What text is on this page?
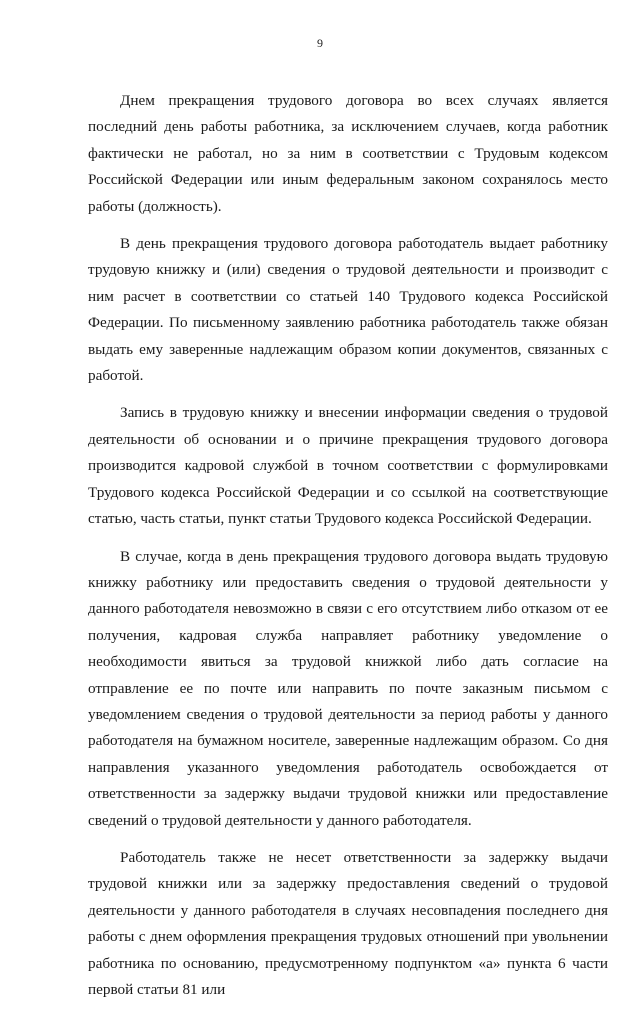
9

Днем прекращения трудового договора во всех случаях является последний день работы работника, за исключением случаев, когда работник фактически не работал, но за ним в соответствии с Трудовым кодексом Российской Федерации или иным федеральным законом сохранялось место работы (должность).

В день прекращения трудового договора работодатель выдает работнику трудовую книжку и (или) сведения о трудовой деятельности и производит с ним расчет в соответствии со статьей 140 Трудового кодекса Российской Федерации. По письменному заявлению работника работодатель также обязан выдать ему заверенные надлежащим образом копии документов, связанных с работой.

Запись в трудовую книжку и внесении информации сведения о трудовой деятельности об основании и о причине прекращения трудового договора производится кадровой службой в точном соответствии с формулировками Трудового кодекса Российской Федерации и со ссылкой на соответствующие статью, часть статьи, пункт статьи Трудового кодекса Российской Федерации.

В случае, когда в день прекращения трудового договора выдать трудовую книжку работнику или предоставить сведения о трудовой деятельности у данного работодателя невозможно в связи с его отсутствием либо отказом от ее получения, кадровая служба направляет работнику уведомление о необходимости явиться за трудовой книжкой либо дать согласие на отправление ее по почте или направить по почте заказным письмом с уведомлением сведения о трудовой деятельности за период работы у данного работодателя на бумажном носителе, заверенные надлежащим образом. Со дня направления указанного уведомления работодатель освобождается от ответственности за задержку выдачи трудовой книжки или предоставление сведений о трудовой деятельности у данного работодателя.

Работодатель также не несет ответственности за задержку выдачи трудовой книжки или за задержку предоставления сведений о трудовой деятельности у данного работодателя в случаях несовпадения последнего дня работы с днем оформления прекращения трудовых отношений при увольнении работника по основанию, предусмотренному подпунктом «а» пункта 6 части первой статьи 81 или
